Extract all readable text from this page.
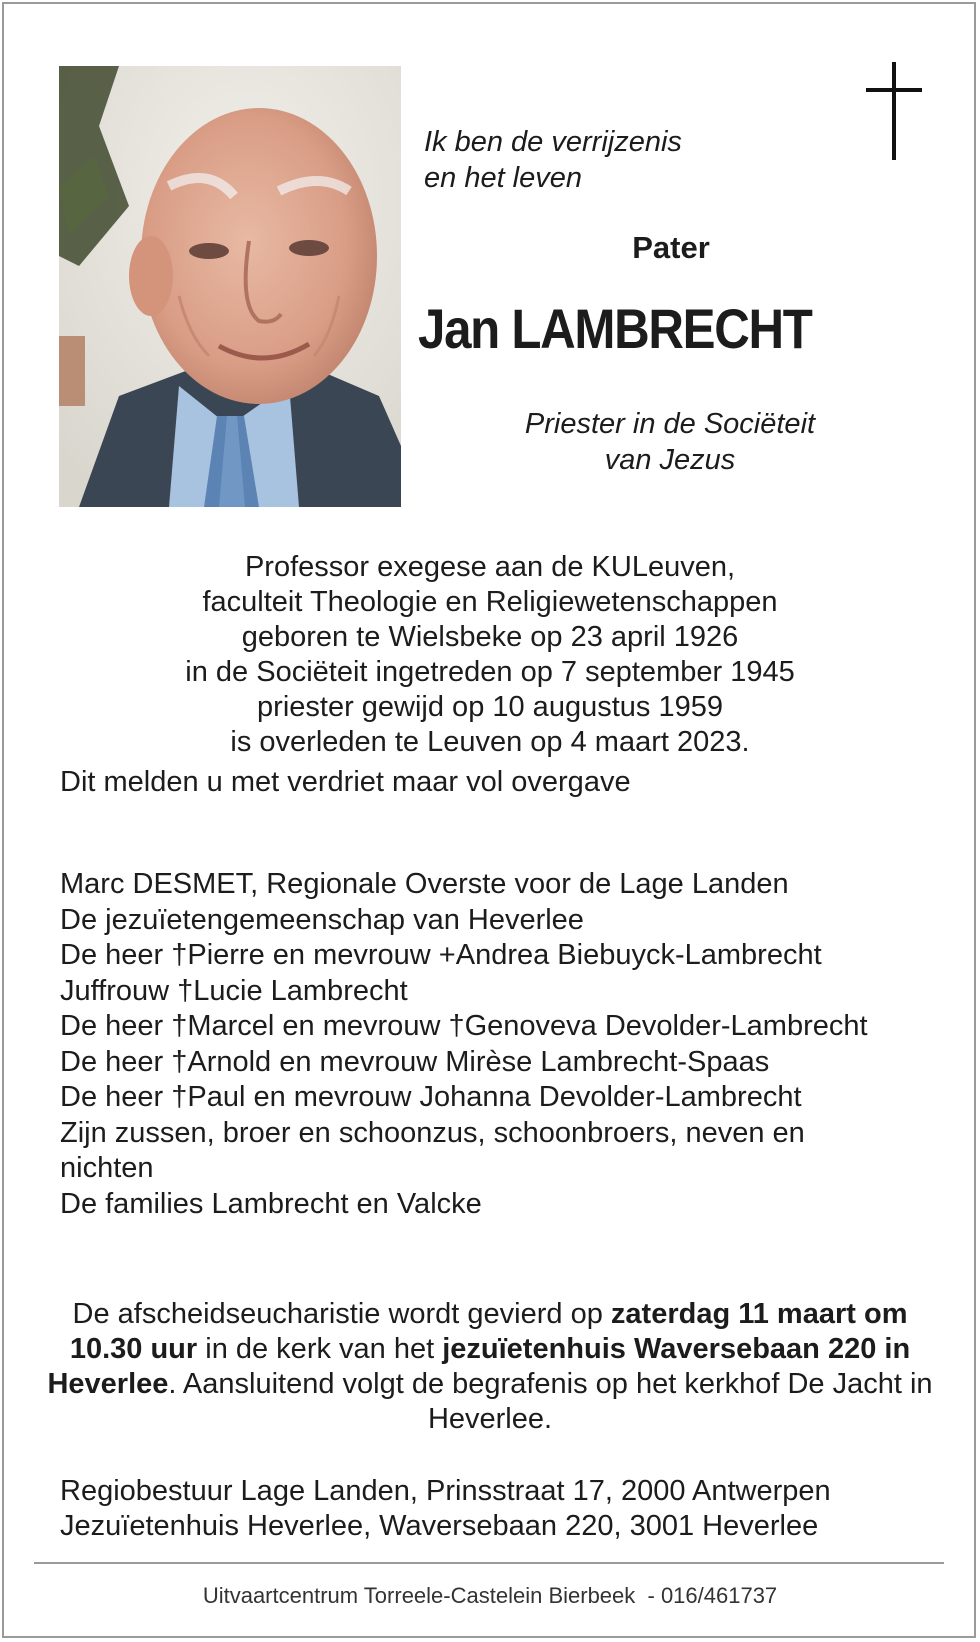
Ik ben de verrijzenis
en het leven
Pater
Jan LAMBRECHT
Priester in de Sociëteit
van Jezus
Professor exegese aan de KULeuven,
faculteit Theologie en Religiewetenschappen
geboren te Wielsbeke op 23 april 1926
in de Sociëteit ingetreden op 7 september 1945
priester gewijd op 10 augustus 1959
is overleden te Leuven op 4 maart 2023.
Dit melden u met verdriet maar vol overgave
Marc DESMET, Regionale Overste voor de Lage Landen
De jezuïetengemeenschap van Heverlee
De heer †Pierre en mevrouw +Andrea Biebuyck-Lambrecht
Juffrouw †Lucie Lambrecht
De heer †Marcel en mevrouw †Genoveva Devolder-Lambrecht
De heer †Arnold en mevrouw Mirèse Lambrecht-Spaas
De heer †Paul en mevrouw Johanna Devolder-Lambrecht
Zijn zussen, broer en schoonzus, schoonbroers, neven en nichten
De families Lambrecht en Valcke
De afscheidseucharistie wordt gevierd op zaterdag 11 maart om 10.30 uur in de kerk van het jezuïetenhuis Waversebaan 220 in Heverlee. Aansluitend volgt de begrafenis op het kerkhof De Jacht in Heverlee.
Regiobestuur Lage Landen, Prinsstraat 17, 2000 Antwerpen
Jezuïetenhuis Heverlee, Waversebaan 220, 3001 Heverlee
Uitvaartcentrum Torreele-Castelein Bierbeek  - 016/461737
